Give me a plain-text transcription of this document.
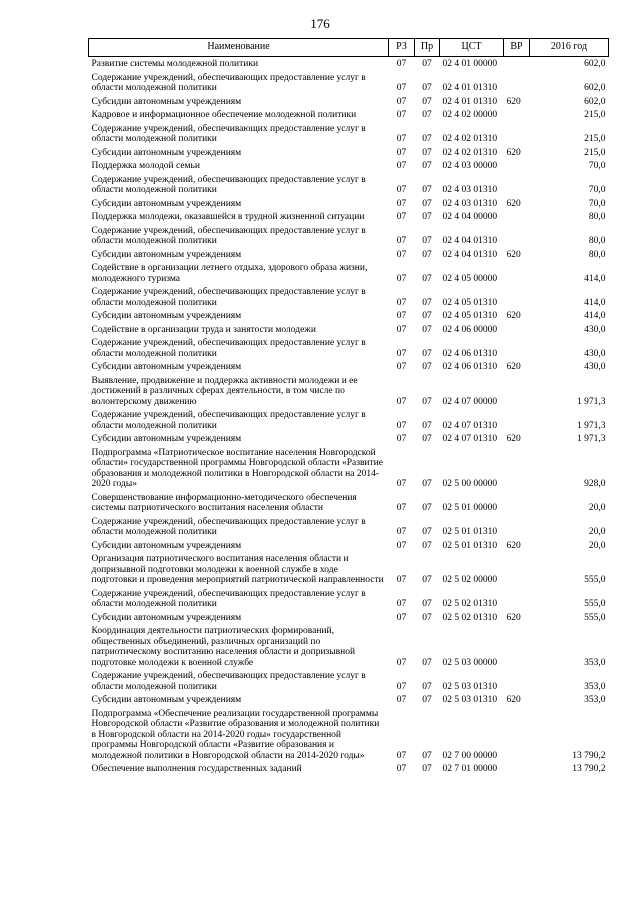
176
Наименование	РЗ	Пр	ЦСТ	ВР	2016 год
Развитие системы молодежной политики	07	07	02 4 01 00000		602,0
Содержание учреждений, обеспечивающих предоставление услуг в области молодежной политики	07	07	02 4 01 01310		602,0
Субсидии автономным учреждениям	07	07	02 4 01 01310	620	602,0
Кадровое и информационное обеспечение молодежной политики	07	07	02 4 02 00000		215,0
Содержание учреждений, обеспечивающих предоставление услуг в области молодежной политики	07	07	02 4 02 01310		215,0
Субсидии автономным учреждениям	07	07	02 4 02 01310	620	215,0
Поддержка молодой семьи	07	07	02 4 03 00000		70,0
Содержание учреждений, обеспечивающих предоставление услуг в области молодежной политики	07	07	02 4 03 01310		70,0
Субсидии автономным учреждениям	07	07	02 4 03 01310	620	70,0
Поддержка молодежи, оказавшейся в трудной жизненной ситуации	07	07	02 4 04 00000		80,0
Содержание учреждений, обеспечивающих предоставление услуг в области молодежной политики	07	07	02 4 04 01310		80,0
Субсидии автономным учреждениям	07	07	02 4 04 01310	620	80,0
Содействие в организации летнего отдыха, здорового образа жизни, молодежного туризма	07	07	02 4 05 00000		414,0
Содержание учреждений, обеспечивающих предоставление услуг в области молодежной политики	07	07	02 4 05 01310		414,0
Субсидии автономным учреждениям	07	07	02 4 05 01310	620	414,0
Содействие в организации труда и занятости молодежи	07	07	02 4 06 00000		430,0
Содержание учреждений, обеспечивающих предоставление услуг в области молодежной политики	07	07	02 4 06 01310		430,0
Субсидии автономным учреждениям	07	07	02 4 06 01310	620	430,0
Выявление, продвижение и поддержка активности молодежи и ее достижений в различных сферах деятельности, в том числе по волонтерскому движению	07	07	02 4 07 00000		1 971,3
Содержание учреждений, обеспечивающих предоставление услуг в области молодежной политики	07	07	02 4 07 01310		1 971,3
Субсидии автономным учреждениям	07	07	02 4 07 01310	620	1 971,3
Подпрограмма «Патриотическое воспитание населения Новгородской области» государственной программы Новгородской области «Развитие образования и молодежной политики в Новгородской области на 2014-2020 годы»	07	07	02 5 00 00000		928,0
Совершенствование информационно-методического обеспечения системы патриотического воспитания населения области	07	07	02 5 01 00000		20,0
Содержание учреждений, обеспечивающих предоставление услуг в области молодежной политики	07	07	02 5 01 01310		20,0
Субсидии автономным учреждениям	07	07	02 5 01 01310	620	20,0
Организация патриотического воспитания населения области и допризывной подготовки молодежи к военной службе в ходе подготовки и проведения мероприятий патриотической направленности	07	07	02 5 02 00000		555,0
Содержание учреждений, обеспечивающих предоставление услуг в области молодежной политики	07	07	02 5 02 01310		555,0
Субсидии автономным учреждениям	07	07	02 5 02 01310	620	555,0
Координация деятельности патриотических формирований, общественных объединений, различных организаций по патриотическому воспитанию населения области и допризывной подготовке молодежи к военной службе	07	07	02 5 03 00000		353,0
Содержание учреждений, обеспечивающих предоставление услуг в области молодежной политики	07	07	02 5 03 01310		353,0
Субсидии автономным учреждениям	07	07	02 5 03 01310	620	353,0
Подпрограмма «Обеспечение реализации государственной программы Новгородской области «Развитие образования и молодежной политики в Новгородской области на 2014-2020 годы» государственной программы Новгородской области «Развитие образования и молодежной политики в Новгородской области на 2014-2020 годы»	07	07	02 7 00 00000		13 790,2
Обеспечение выполнения государственных заданий	07	07	02 7 01 00000		13 790,2
